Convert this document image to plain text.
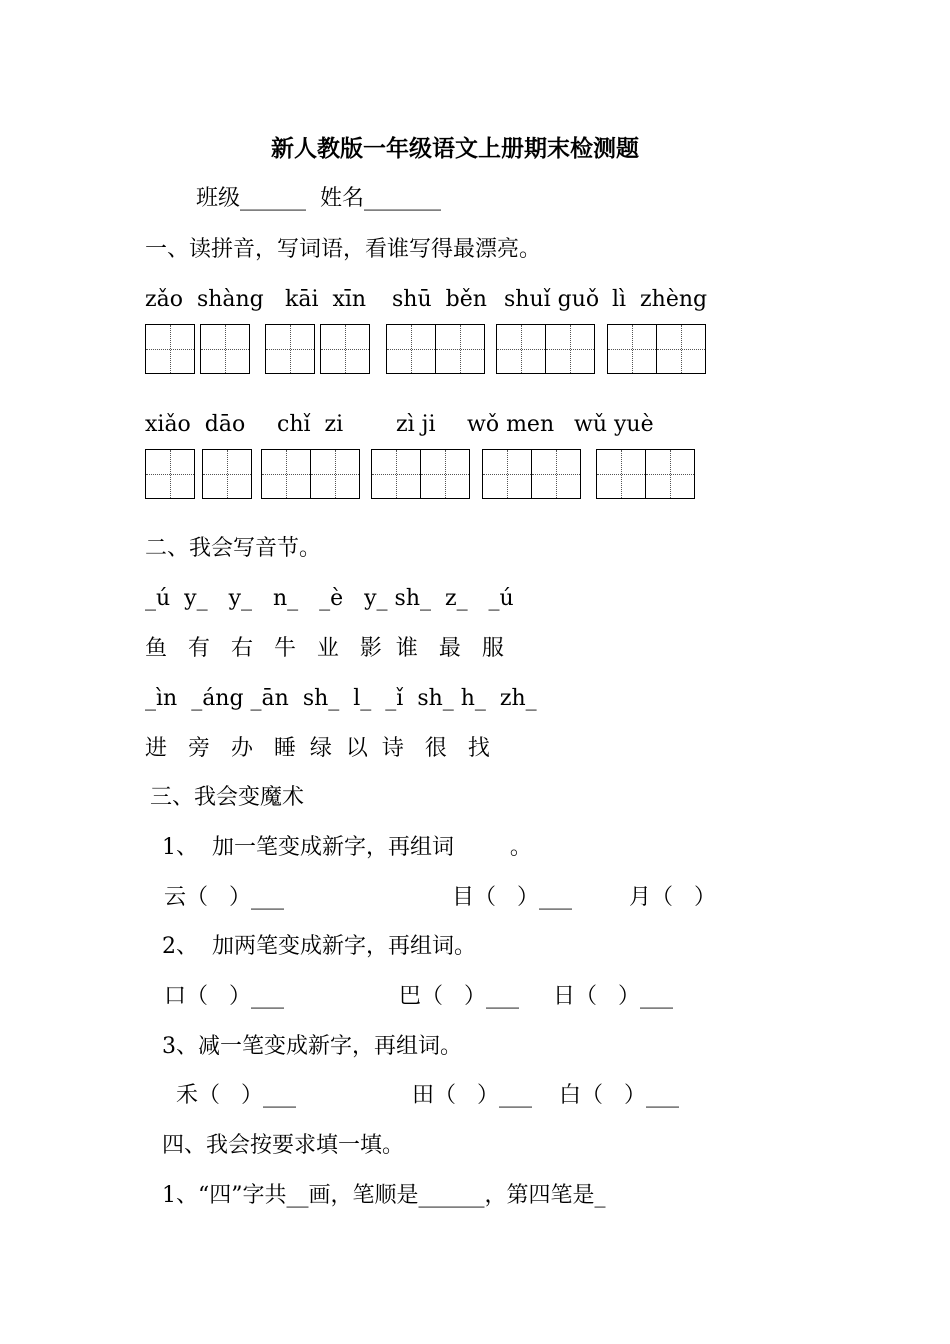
新人教版一年级语文上册期末检测题
班级______  姓名_______
一、读拼音，写词语，看谁写得最漂亮。
zǎo  shàng kāi  xīn shū  běn shuǐ guǒ lì  zhèng
xiǎo  dāo chǐ  zi zì ji wǒ men wǔ yuè
二、我会写音节。
_ú  y_   y_   n_   _è   y_ sh_  z_   _ú
鱼   有   右   牛   业   影  谁   最   服
_ìn  _áng _ān  sh_  l_  _ǐ  sh_ h_  zh_
进   旁   办   睡  绿  以  诗   很   找
三、我会变魔术
1、  加一笔变成新字，再组词        。
云（   ）___	目（   ）___	月（   ）
2、  加两笔变成新字，再组词。
口（   ）___	巴（   ）___ 日（   ）___
3、减一笔变成新字，再组词。
禾（   ）___	田（   ）___ 白（   ）___
四、我会按要求填一填。
1、“四”字共__画，笔顺是______，第四笔是_
